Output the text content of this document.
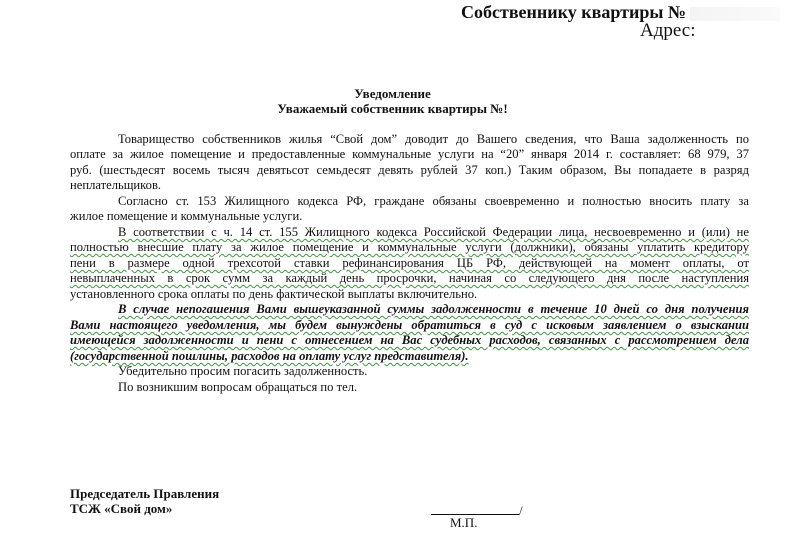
Собственнику квартиры №
Адрес:
Уведомление
Уважаемый собственник квартиры №!
Товарищество собственников жилья “Свой дом” доводит до Вашего сведения, что Ваша задолженность по
оплате за жилое помещение и предоставленные коммунальные услуги на “20” января 2014 г. составляет: 68 979, 37
руб. (шестьдесят восемь тысяч девятьсот семьдесят девять рублей 37 коп.) Таким образом, Вы попадаете в разряд
неплательщиков.
Согласно ст. 153 Жилищного кодекса РФ, граждане обязаны своевременно и полностью вносить плату за
жилое помещение и коммунальные услуги.
В соответствии с ч. 14 ст. 155 Жилищного кодекса Российской Федерации лица, несвоевременно и (или) не
полностью внесшие плату за жилое помещение и коммунальные услуги (должники), обязаны уплатить кредитору
пени в размере одной трехсотой ставки рефинансирования ЦБ РФ, действующей на момент оплаты, от
невыплаченных в срок сумм за каждый день просрочки, начиная со следующего дня после наступления
установленного срока оплаты по день фактической выплаты включительно.
В случае непогашения Вами вышеуказанной суммы задолженности в течение 10 дней со дня получения
Вами настоящего уведомления, мы будем вынуждены обратиться в суд с исковым заявлением о взыскании
имеющейся задолженности и пени с отнесением на Вас судебных расходов, связанных с рассмотрением дела
(государственной пошлины, расходов на оплату услуг представителя).
Убедительно просим погасить задолженность.
По возникшим вопросам обращаться по тел.
Председатель Правления
ТСЖ «Свой дом»	/
М.П.
